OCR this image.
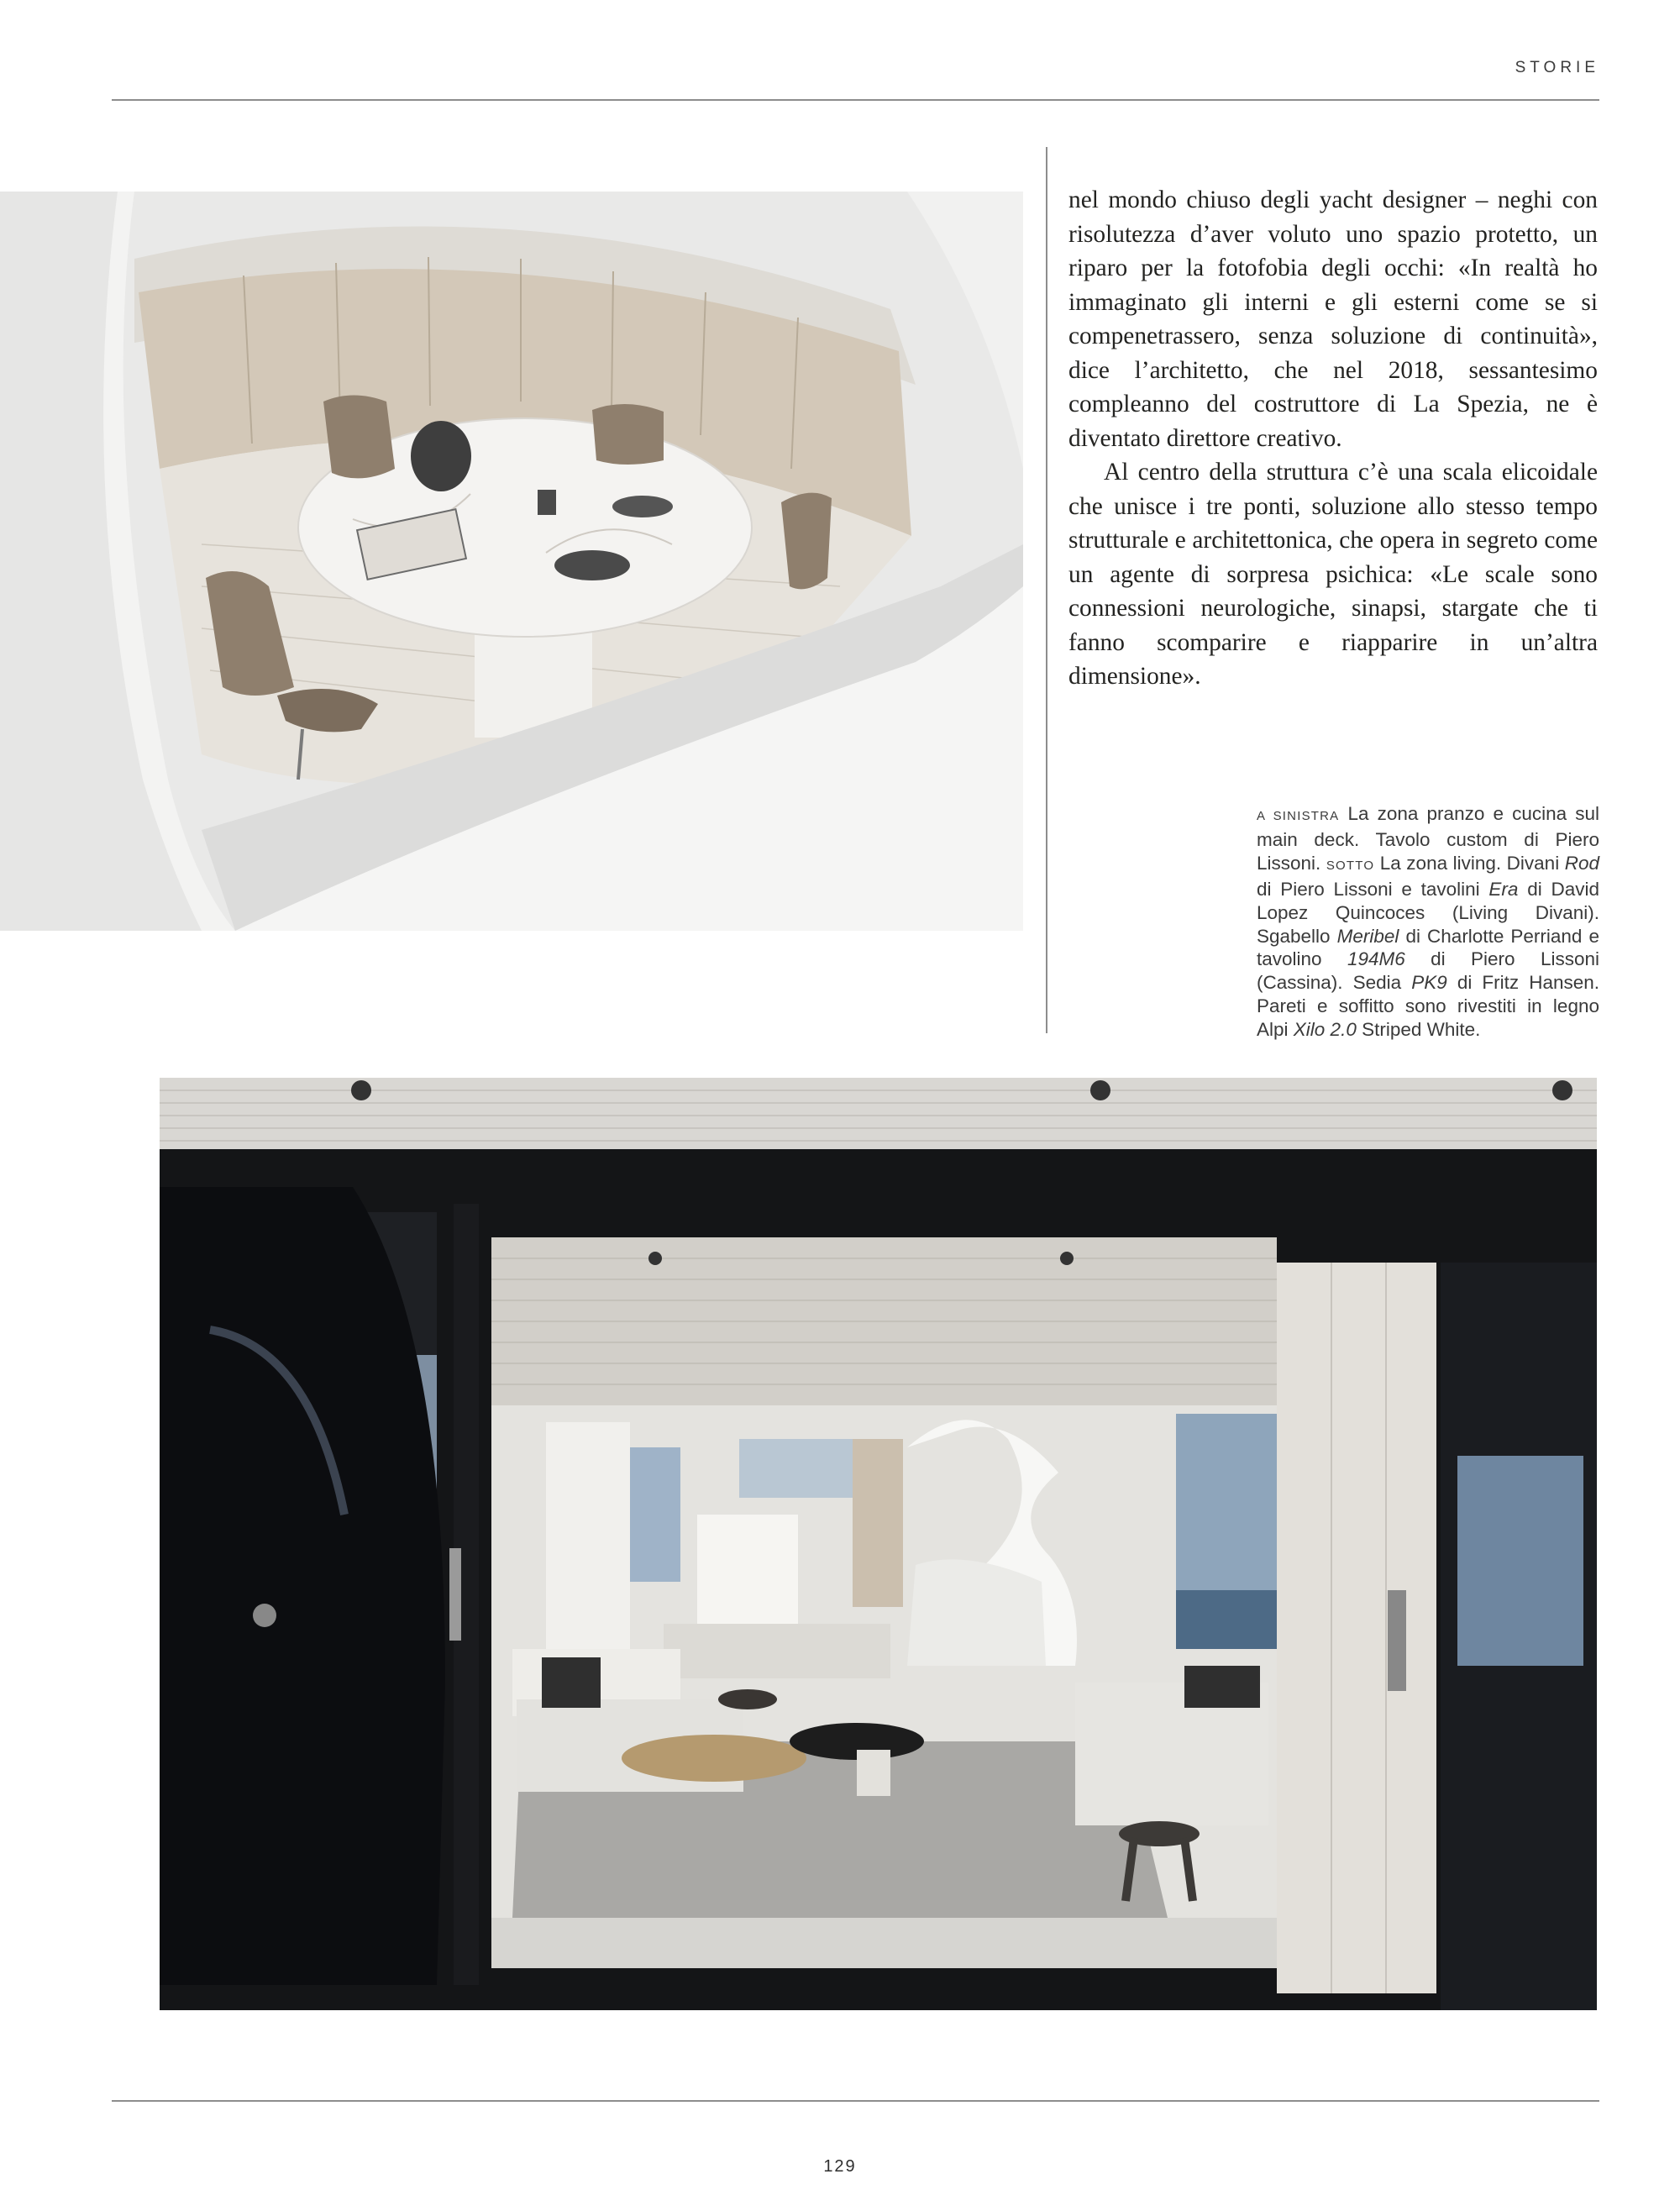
STORIE

nel mondo chiuso degli yacht designer – neghi con risolutezza d’aver voluto uno spazio protetto, un riparo per la fotofobia degli occhi: «In realtà ho immaginato gli interni e gli esterni come se si compenetrassero, senza soluzione di continuità», dice l’architetto, che nel 2018, sessantesimo compleanno del costruttore di La Spezia, ne è diventato direttore creativo.

Al centro della struttura c’è una scala elicoidale che unisce i tre ponti, soluzione allo stesso tempo strutturale e architettonica, che opera in segreto come un agente di sorpresa psichica: «Le scale sono connessioni neurologiche, sinapsi, stargate che ti fanno scomparire e riapparire in un’altra dimensione».

A SINISTRA La zona pranzo e cucina sul main deck. Tavolo custom di Piero Lissoni. SOTTO La zona living. Divani Rod di Piero Lissoni e tavolini Era di David Lopez Quincoces (Living Divani). Sgabello Meribel di Charlotte Perriand e tavolino 194M6 di Piero Lissoni (Cassina). Sedia PK9 di Fritz Hansen. Pareti e soffitto sono rivestiti in legno Alpi Xilo 2.0 Striped White.
129
